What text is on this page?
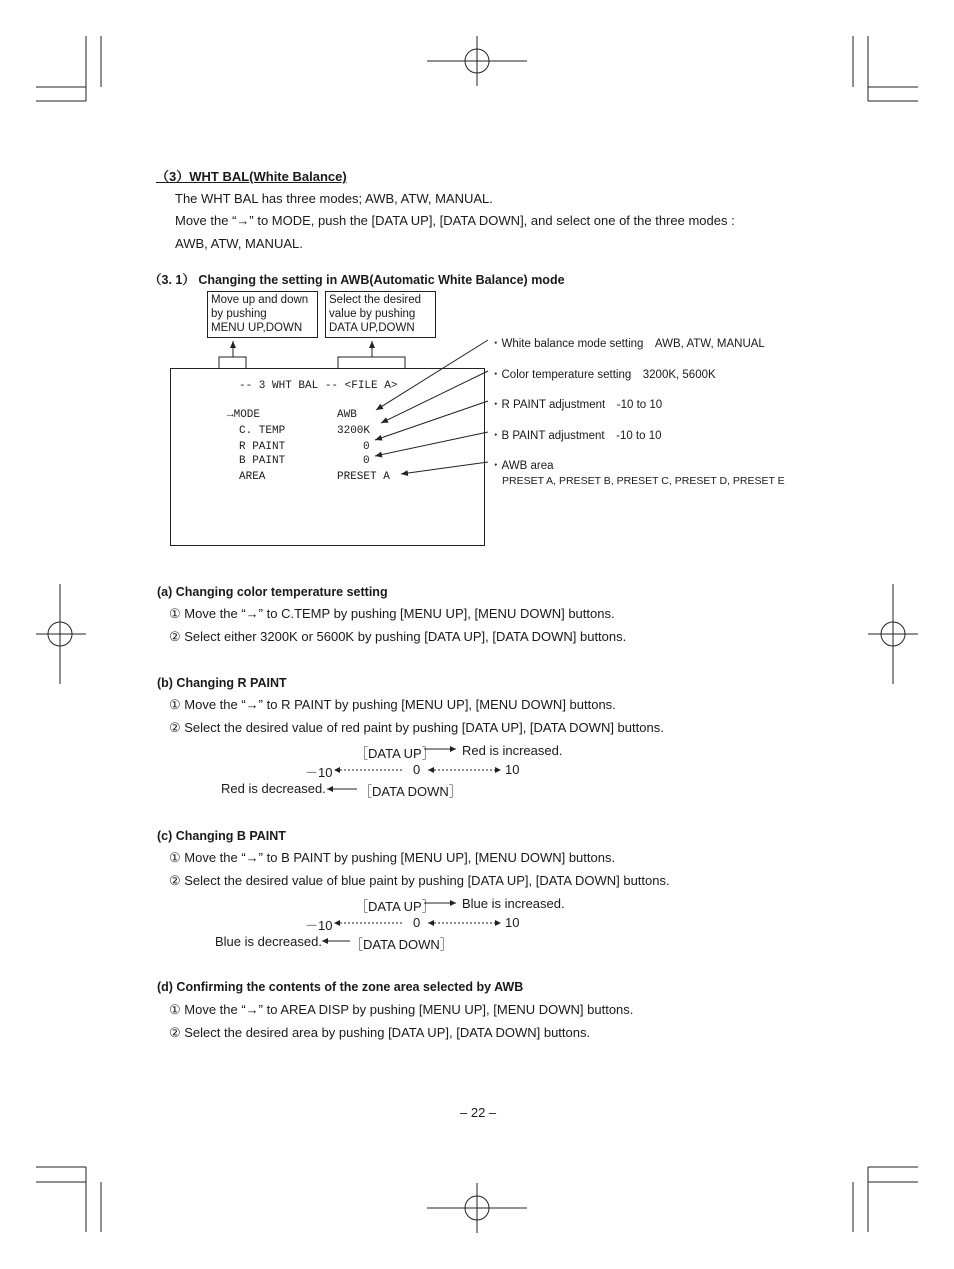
（3）WHT BAL(White Balance)
The WHT BAL has three modes; AWB, ATW, MANUAL.
Move the “→” to MODE, push the [DATA UP], [DATA DOWN], and select one of the three modes :
AWB, ATW, MANUAL.
（3. 1） Changing the setting in AWB(Automatic White Balance) mode
Move up and down
by pushing
MENU UP,DOWN
Select the desired
value by pushing
DATA UP,DOWN
-- 3 WHT BAL -- <FILE A>
→MODE	AWB
C. TEMP	3200K
R PAINT	0
B PAINT	0
AREA	PRESET A
・White balance mode setting　AWB, ATW, MANUAL
・Color temperature setting　3200K, 5600K
・R PAINT adjustment　-10 to 10
・B PAINT adjustment　-10 to 10
・AWB area
PRESET A, PRESET B, PRESET C, PRESET D, PRESET E
(a) Changing color temperature setting
① Move the “→” to C.TEMP by pushing [MENU UP], [MENU DOWN] buttons.
② Select either 3200K or 5600K by pushing [DATA UP], [DATA DOWN] buttons.
(b) Changing R PAINT
① Move the “→” to R PAINT by pushing [MENU UP], [MENU DOWN] buttons.
② Select the desired value of red paint by pushing [DATA UP], [DATA DOWN] buttons.
［DATA UP］ Red is increased.
－10	0	10
Red is decreased.	［DATA DOWN］
(c) Changing B PAINT
① Move the “→” to B PAINT by pushing [MENU UP], [MENU DOWN] buttons.
② Select the desired value of blue paint by pushing [DATA UP], [DATA DOWN] buttons.
［DATA UP］ Blue is increased.
－10	0	10
Blue is decreased. ［DATA DOWN］
(d) Confirming the contents of the zone area selected by AWB
① Move the “→” to AREA DISP by pushing [MENU UP], [MENU DOWN] buttons.
② Select the desired area by pushing [DATA UP], [DATA DOWN] buttons.
– 22 –
